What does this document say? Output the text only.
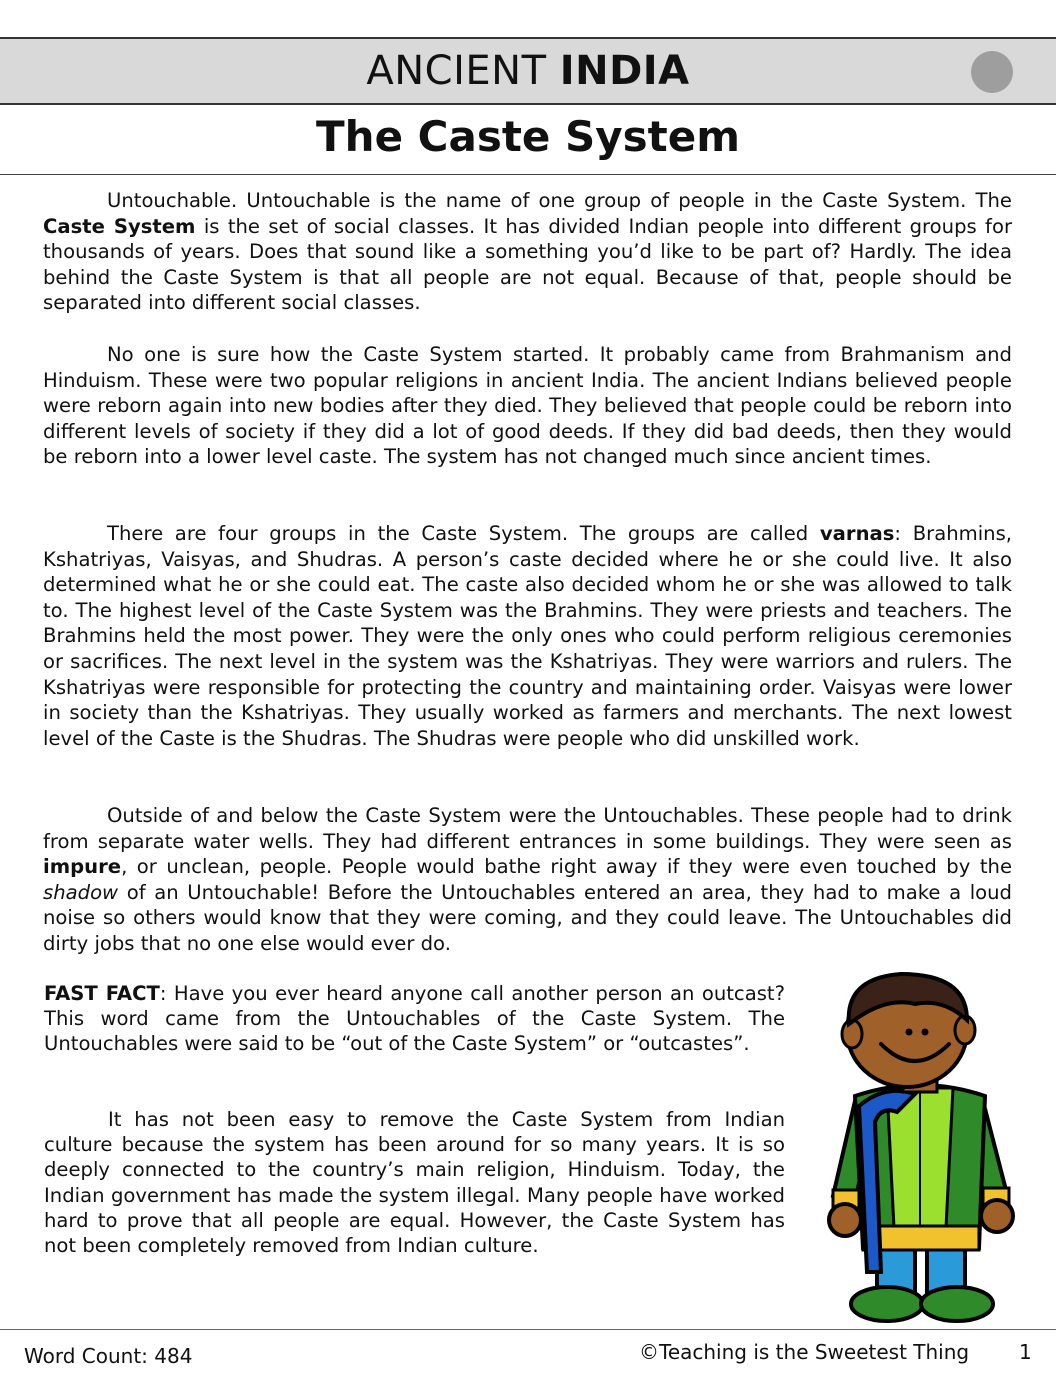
ANCIENT INDIA
The Caste System
Untouchable. Untouchable is the name of one group of people in the Caste System. The Caste System is the set of social classes. It has divided Indian people into different groups for thousands of years. Does that sound like a something you’d like to be part of? Hardly. The idea behind the Caste System is that all people are not equal. Because of that, people should be separated into different social classes.
No one is sure how the Caste System started. It probably came from Brahmanism and Hinduism. These were two popular religions in ancient India. The ancient Indians believed people were reborn again into new bodies after they died. They believed that people could be reborn into different levels of society if they did a lot of good deeds. If they did bad deeds, then they would be reborn into a lower level caste. The system has not changed much since ancient times.
There are four groups in the Caste System. The groups are called varnas: Brahmins, Kshatriyas, Vaisyas, and Shudras. A person’s caste decided where he or she could live. It also determined what he or she could eat. The caste also decided whom he or she was allowed to talk to. The highest level of the Caste System was the Brahmins. They were priests and teachers. The Brahmins held the most power. They were the only ones who could perform religious ceremonies or sacrifices. The next level in the system was the Kshatriyas. They were warriors and rulers. The Kshatriyas were responsible for protecting the country and maintaining order. Vaisyas were lower in society than the Kshatriyas. They usually worked as farmers and merchants. The next lowest level of the Caste is the Shudras. The Shudras were people who did unskilled work.
Outside of and below the Caste System were the Untouchables. These people had to drink from separate water wells. They had different entrances in some buildings. They were seen as impure, or unclean, people. People would bathe right away if they were even touched by the shadow of an Untouchable! Before the Untouchables entered an area, they had to make a loud noise so others would know that they were coming, and they could leave. The Untouchables did dirty jobs that no one else would ever do.
FAST FACT: Have you ever heard anyone call another person an outcast? This word came from the Untouchables of the Caste System. The Untouchables were said to be “out of the Caste System” or “outcastes”.
It has not been easy to remove the Caste System from Indian culture because the system has been around for so many years. It is so deeply connected to the country’s main religion, Hinduism. Today, the Indian government has made the system illegal. Many people have worked hard to prove that all people are equal. However, the Caste System has not been completely removed from Indian culture.
Word Count: 484	©Teaching is the Sweetest Thing 1
